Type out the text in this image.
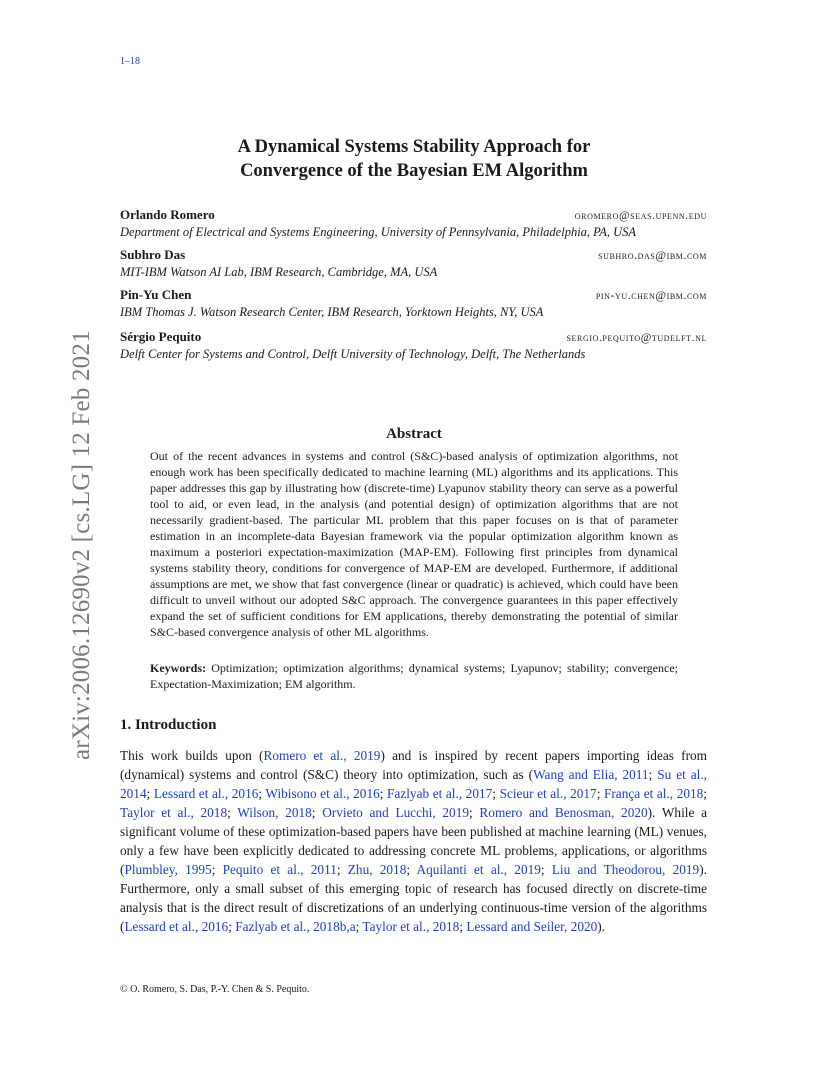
1–18
arXiv:2006.12690v2 [cs.LG] 12 Feb 2021
A Dynamical Systems Stability Approach for
Convergence of the Bayesian EM Algorithm
Orlando Romero	oromero@seas.upenn.edu
Department of Electrical and Systems Engineering, University of Pennsylvania, Philadelphia, PA, USA
Subhro Das	subhro.das@ibm.com
MIT-IBM Watson AI Lab, IBM Research, Cambridge, MA, USA
Pin-Yu Chen	pin-yu.chen@ibm.com
IBM Thomas J. Watson Research Center, IBM Research, Yorktown Heights, NY, USA
Sérgio Pequito	sergio.pequito@tudelft.nl
Delft Center for Systems and Control, Delft University of Technology, Delft, The Netherlands
Abstract
Out of the recent advances in systems and control (S&C)-based analysis of optimization algorithms, not enough work has been specifically dedicated to machine learning (ML) algorithms and its applications. This paper addresses this gap by illustrating how (discrete-time) Lyapunov stability theory can serve as a powerful tool to aid, or even lead, in the analysis (and potential design) of optimization algorithms that are not necessarily gradient-based. The particular ML problem that this paper focuses on is that of parameter estimation in an incomplete-data Bayesian framework via the popular optimization algorithm known as maximum a posteriori expectation-maximization (MAP-EM). Following first principles from dynamical systems stability theory, conditions for convergence of MAP-EM are developed. Furthermore, if additional assumptions are met, we show that fast convergence (linear or quadratic) is achieved, which could have been difficult to unveil without our adopted S&C approach. The convergence guarantees in this paper effectively expand the set of sufficient conditions for EM applications, thereby demonstrating the potential of similar S&C-based convergence analysis of other ML algorithms.
Keywords: Optimization; optimization algorithms; dynamical systems; Lyapunov; stability; convergence; Expectation-Maximization; EM algorithm.
1. Introduction
This work builds upon (Romero et al., 2019) and is inspired by recent papers importing ideas from (dynamical) systems and control (S&C) theory into optimization, such as (Wang and Elia, 2011; Su et al., 2014; Lessard et al., 2016; Wibisono et al., 2016; Fazlyab et al., 2017; Scieur et al., 2017; França et al., 2018; Taylor et al., 2018; Wilson, 2018; Orvieto and Lucchi, 2019; Romero and Benosman, 2020). While a significant volume of these optimization-based papers have been published at machine learning (ML) venues, only a few have been explicitly dedicated to addressing concrete ML problems, applications, or algorithms (Plumbley, 1995; Pequito et al., 2011; Zhu, 2018; Aquilanti et al., 2019; Liu and Theodorou, 2019). Furthermore, only a small subset of this emerging topic of research has focused directly on discrete-time analysis that is the direct result of discretizations of an underlying continuous-time version of the algorithms (Lessard et al., 2016; Fazlyab et al., 2018b,a; Taylor et al., 2018; Lessard and Seiler, 2020).
© O. Romero, S. Das, P.-Y. Chen & S. Pequito.
